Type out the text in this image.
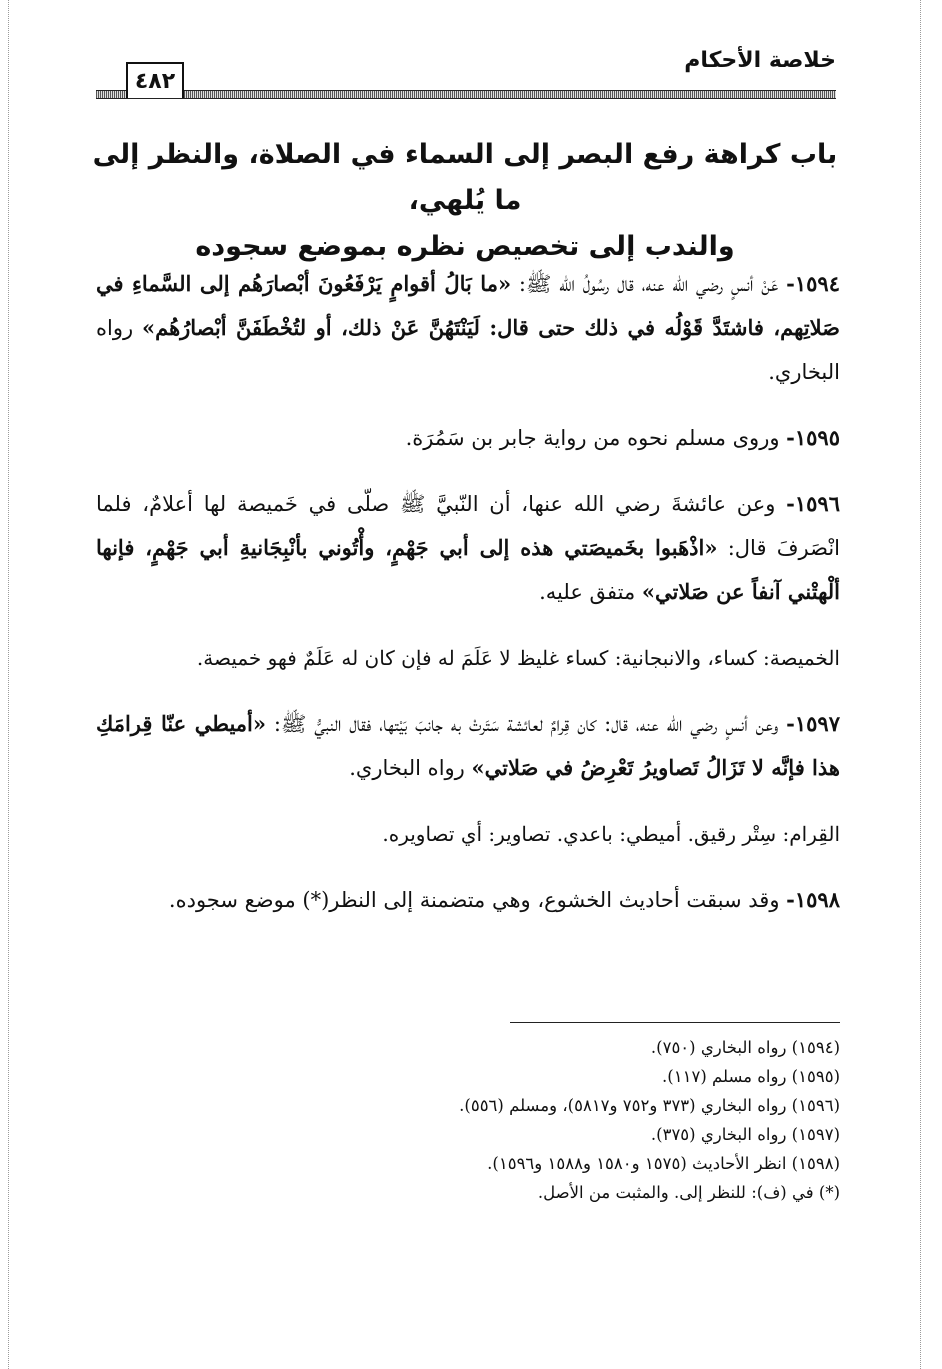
خلاصة الأحكام
٤٨٢
باب كراهة رفع البصر إلى السماء في الصلاة، والنظر إلى ما يُلهي،
والندب إلى تخصيص نظره بموضع سجوده

١٥٩٤- عَنْ أنسٍ رضي الله عنه، قال رسُولُ الله ﷺ: «ما بَالُ أقوامٍ يَرْفَعُونَ أبْصارَهُم إلى السَّماءِ في صَلاتِهم، فاشتَدَّ قَوْلُه في ذلك حتى قال: لَيَنْتَهُنَّ عَنْ ذلك، أو لتُخْطَفَنَّ أبْصارُهُم» رواه البخاري.

١٥٩٥- وروى مسلم نحوه من رواية جابر بن سَمُرَة.

١٥٩٦- وعن عائشةَ رضي الله عنها، أن النّبيَّ ﷺ صلّى في خَميصة لها أعلامٌ، فلما انْصَرفَ قال: «اذْهَبوا بخَميصَتي هذه إلى أبي جَهْمٍ، وأْتُوني بأنْبِجَانيةِ أبي جَهْمٍ، فإنها ألْهتْني آنفاً عن صَلاتي» متفق عليه.

الخميصة: كساء، والانبجانية: كساء غليظ لا عَلَمَ له فإن كان له عَلَمٌ فهو خميصة.

١٥٩٧- وعن أنسٍ رضي الله عنه، قال: كان قِرامٌ لعائشة سَتَرتْ به جانبَ بَيْتها، فقال النبيُّ ﷺ: «أميطي عنّا قِرامَكِ هذا فإنَّه لا تَزَالُ تَصاويرُ تَعْرِضُ في صَلاتي» رواه البخاري.

القِرام: سِتْر رقيق. أميطي: باعدي. تصاوير: أي تصاويره.

١٥٩٨- وقد سبقت أحاديث الخشوع، وهي متضمنة إلى النظر(*) موضع سجوده.

(١٥٩٤) رواه البخاري (٧٥٠).

(١٥٩٥) رواه مسلم (١١٧).

(١٥٩٦) رواه البخاري (٣٧٣ و٧٥٢ و٥٨١٧)، ومسلم (٥٥٦).

(١٥٩٧) رواه البخاري (٣٧٥).

(١٥٩٨) انظر الأحاديث (١٥٧٥ و١٥٨٠ و١٥٨٨ و١٥٩٦).

(*) في (ف): للنظر إلى. والمثبت من الأصل.
